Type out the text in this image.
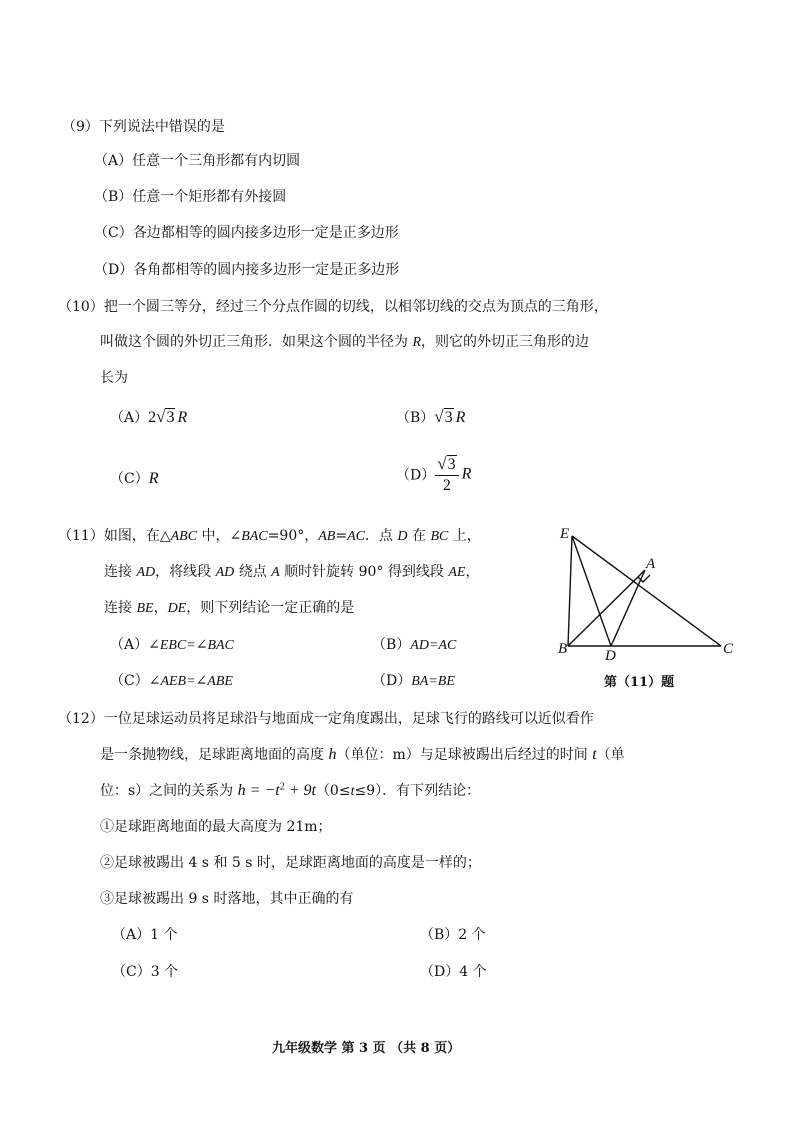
（9）下列说法中错误的是
（A）任意一个三角形都有内切圆
（B）任意一个矩形都有外接圆
（C）各边都相等的圆内接多边形一定是正多边形
（D）各角都相等的圆内接多边形一定是正多边形
（10）把一个圆三等分，经过三个分点作圆的切线，以相邻切线的交点为顶点的三角形，
叫做这个圆的外切正三角形．如果这个圆的半径为 R，则它的外切正三角形的边
长为
（A）2√3 R	（B）√3 R
（C）R	$(D) \frac{√3}{2}$ R
（11）如图，在△ABC 中，∠BAC=90°，AB=AC．点 D 在 BC 上，
连接 AD，将线段 AD 绕点 A 顺时针旋转 90° 得到线段 AE，
连接 BE，DE，则下列结论一定正确的是
（A）∠EBC=∠BAC	（B）AD=AC
（C）∠AEB=∠ABE	（D）BA=BE
E
A
B	D	C
第（11）题
（12）一位足球运动员将足球沿与地面成一定角度踢出，足球飞行的路线可以近似看作
是一条抛物线，足球距离地面的高度 h（单位：m）与足球被踢出后经过的时间 t（单
位：s）之间的关系为 $h = -t^2 + 9t(0\le t\le 9)$．有下列结论：
①足球距离地面的最大高度为 21m；
②足球被踢出 4 s 和 5 s 时，足球距离地面的高度是一样的；
③足球被踢出 9 s 时落地，其中正确的有
（A）1 个	（B）2 个
（C）3 个	（D）4 个
九年级数学 第 3 页 （共 8 页）
